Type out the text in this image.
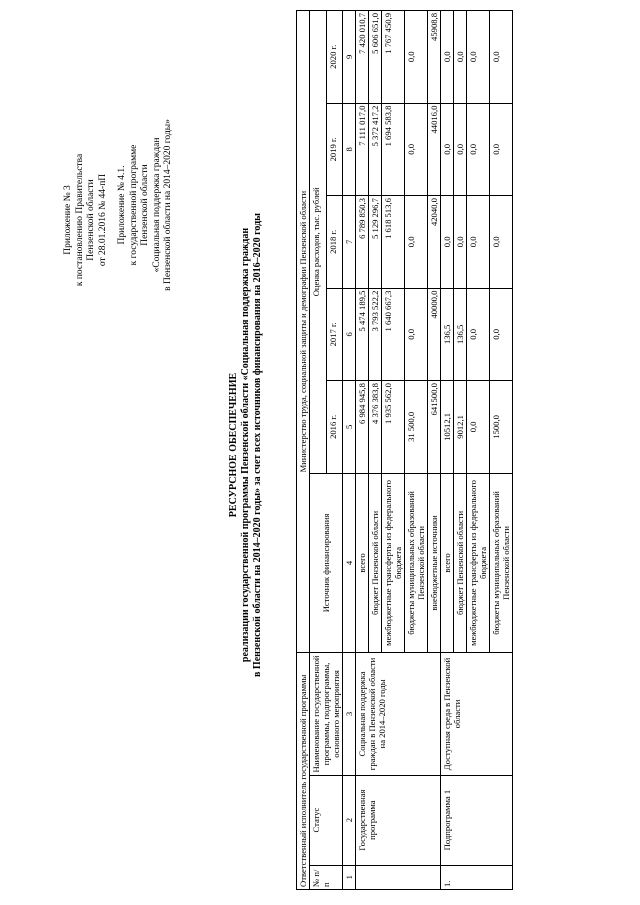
Приложение № 3 к постановлению Правительства Пензенской области от 28.01.2016 № 44-пП Приложение № 4.1. к государственной программе Пензенской области «Социальная поддержка граждан в Пензенской области на 2014–2020 годы»
РЕСУРСНОЕ ОБЕСПЕЧЕНИЕ реализации государственной программы Пензенской области «Социальная поддержка граждан в Пензенской области на 2014–2020 годы» за счет всех источников финансирования на 2016–2020 годы
Ответственный исполнитель государственной программы			Министерство труда, социальной защиты и демографии Пензенской области					
№ п/п	Статус	Наименование государственной программы, подпрограммы, основного мероприятия	Источник финансирования	Оценка расходов, тыс. рублей				
				2016 г.	2017 г.	2018 г.	2019 г.	2020 г.
1	2	3	4	5	6	7	8	9
	Государственная программа	Социальная поддержка граждан в Пензенской области на 2014–2020 годы	всего	6 984 945,8	5 474 189,5	6 789 850,3	7 111 017,0	7 420 010,7
			бюджет Пензенской области	4 376 383,8	3 793 522,2	5 129 296,7	5 372 417,2	5 606 651,0
			межбюджетные трансферты из федерального бюджета	1 935 562,0	1 640 667,3	1 618 513,6	1 694 583,8	1 767 450,9
			бюджеты муниципальных образований Пензенской области	31 500,0	0,0	0,0	0,0	0,0
			внебюджетные источники	641500,0	40000,0	42040,0	44016,0	45908,8
1.	Подпрограмма 1	Доступная среда в Пензенской области	всего	10512,1	136,5	0,0	0,0	0,0
			бюджет Пензенской области	9012,1	136,5	0,0	0,0	0,0
			межбюджетные трансферты из федерального бюджета	0,0	0,0	0,0	0,0	0,0
			бюджеты муниципальных образований Пензенской области	1500,0	0,0	0,0	0,0	0,0
